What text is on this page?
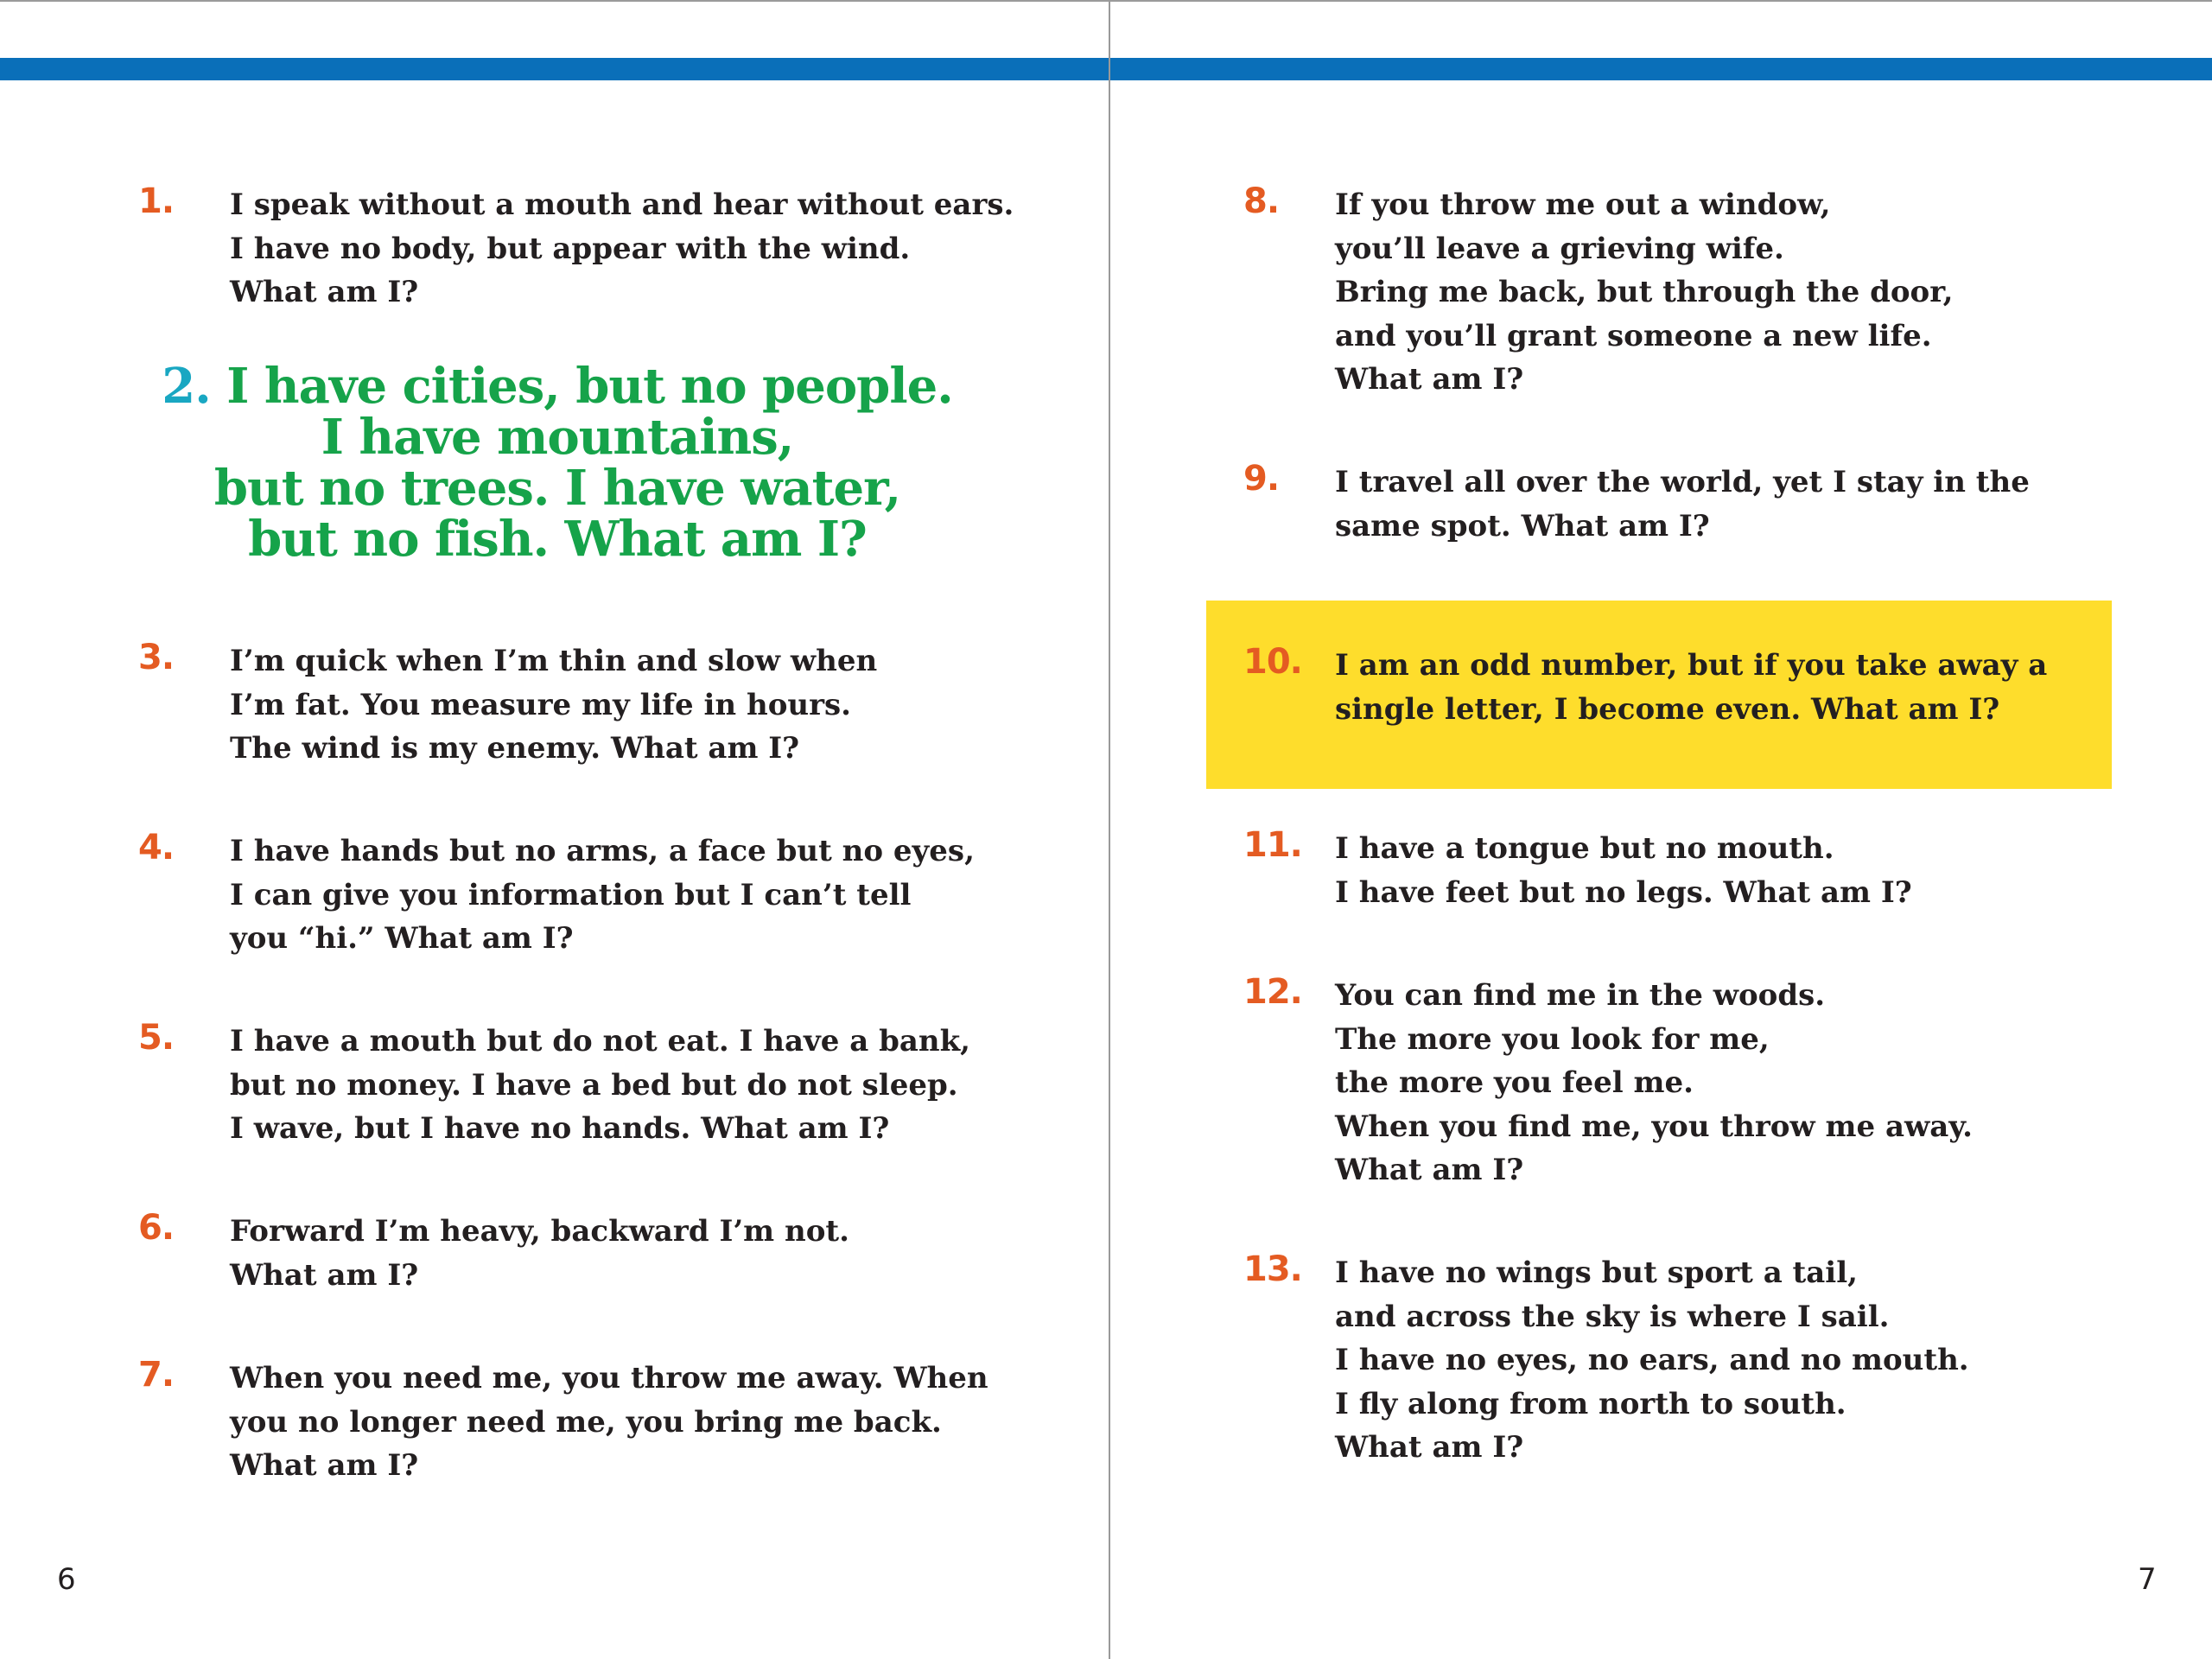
1. I speak without a mouth and hear without ears.
I have no body, but appear with the wind.
What am I?
2. I have cities, but no people.
I have mountains,
but no trees. I have water,
but no fish. What am I?
3. I’m quick when I’m thin and slow when
I’m fat. You measure my life in hours.
The wind is my enemy. What am I?
4. I have hands but no arms, a face but no eyes,
I can give you information but I can’t tell
you “hi.” What am I?
5. I have a mouth but do not eat. I have a bank,
but no money. I have a bed but do not sleep.
I wave, but I have no hands. What am I?
6. Forward I’m heavy, backward I’m not.
What am I?
7. When you need me, you throw me away. When
you no longer need me, you bring me back.
What am I?
6
8. If you throw me out a window,
you’ll leave a grieving wife.
Bring me back, but through the door,
and you’ll grant someone a new life.
What am I?
9. I travel all over the world, yet I stay in the
same spot. What am I?
10. I am an odd number, but if you take away a
single letter, I become even. What am I?
11. I have a tongue but no mouth.
I have feet but no legs. What am I?
12. You can find me in the woods.
The more you look for me,
the more you feel me.
When you find me, you throw me away.
What am I?
13. I have no wings but sport a tail,
and across the sky is where I sail.
I have no eyes, no ears, and no mouth.
I fly along from north to south.
What am I?
7
